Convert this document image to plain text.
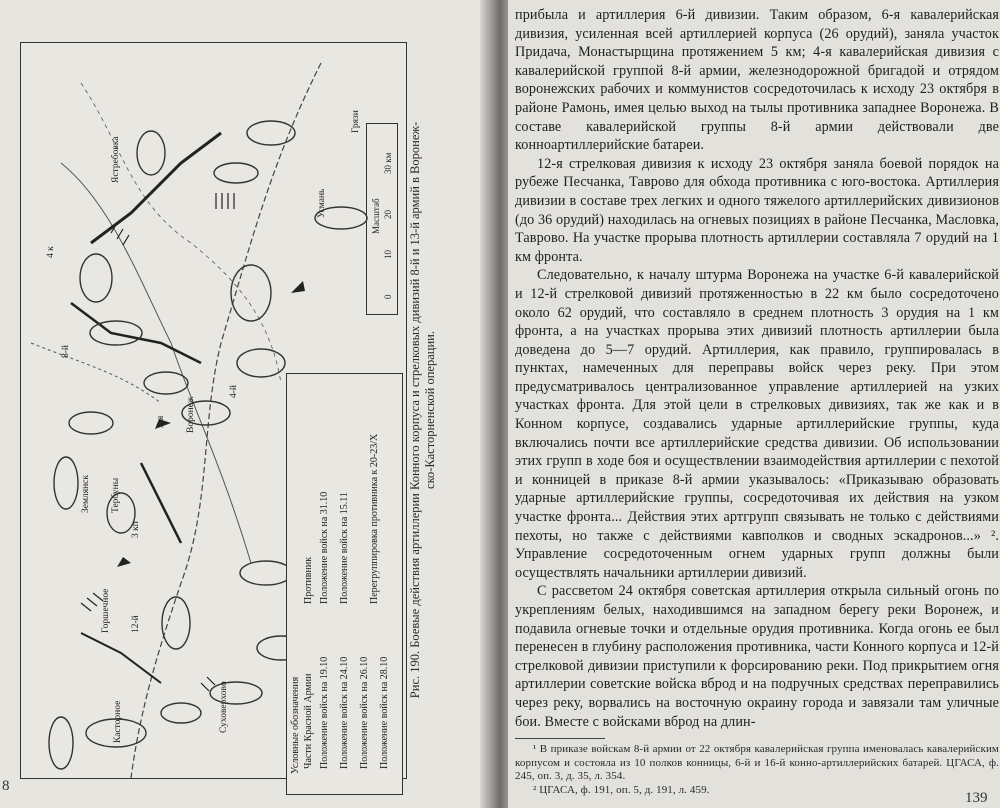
Касторное
Горшечное
Суховерхово
Тербуны
Землянск
Воронеж
Усмань
Грязи
8-й
4-й
3-я
12-й
4 к
3 кп
Ястребовка
Масштаб
0
10
20
30 км
Условные обозначения Части Красной Армии
Противник
Положение войск на 19.10 Положение войск на 24.10 Положение войск на 26.10 Положение войск на 28.10
Положение войск на 31.10 Положение войск на 15.11 Перегруппировка противника к 20-23/X Рис. 190. Боевые действия артиллерии Конного корпуса и стрелковых дивизий 8-й и 13-й армий в Воронеж- ско-Касторненской операции.
8

прибыла и артиллерия 6-й дивизии. Таким образом, 6-я кавалерийская дивизия, усиленная всей артиллерией корпуса (26 орудий), заняла участок Придача, Монастырщина протяжением 5 км; 4-я кавалерийская дивизия с кавалерийской группой 8-й армии, железнодорожной бригадой и отрядом воронежских рабочих и коммунистов сосредоточилась к исходу 23 октября в районе Рамонь, имея целью выход на тылы противника западнее Воронежа. В составе кавалерийской группы 8-й армии действовали две конноартиллерийские батареи.

12-я стрелковая дивизия к исходу 23 октября заняла боевой порядок на рубеже Песчанка, Таврово для обхода противника с юго-востока. Артиллерия дивизии в составе трех легких и одного тяжелого артиллерийских дивизионов (до 36 орудий) находилась на огневых позициях в районе Песчанка, Масловка, Таврово. На участке прорыва плотность артиллерии составляла 7 орудий на 1 км фронта.

Следовательно, к началу штурма Воронежа на участке 6-й кавалерийской и 12-й стрелковой дивизий протяженностью в 22 км было сосредоточено около 62 орудий, что составляло в среднем плотность 3 орудия на 1 км фронта, а на участках прорыва этих дивизий плотность артиллерии была доведена до 5—7 орудий. Артиллерия, как правило, группировалась в пунктах, намеченных для переправы войск через реку. При этом предусматривалось централизованное управление артиллерией на узких участках фронта. Для этой цели в стрелковых дивизиях, так же как и в Конном корпусе, создавались ударные артиллерийские группы, куда включались почти все артиллерийские средства дивизии. Об использовании этих групп в ходе боя и осуществлении взаимодействия артиллерии с пехотой и конницей в приказе 8-й армии указывалось: «Приказываю образовать ударные артиллерийские группы, сосредоточивая их действия на узком участке фронта... Действия этих артгрупп связывать не только с действиями пехоты, но также с действиями кавполков и сводных эскадронов...» ². Управление сосредоточенным огнем ударных групп должны были осуществлять начальники артиллерии дивизий.

С рассветом 24 октября советская артиллерия открыла сильный огонь по укреплениям белых, находившимся на западном берегу реки Воронеж, и подавила огневые точки и отдельные орудия противника. Когда огонь ее был перенесен в глубину расположения противника, части Конного корпуса и 12-й стрелковой дивизии приступили к форсированию реки. Под прикрытием огня артиллерии советские войска вброд и на подручных средствах переправились через реку, ворвались на восточную окраину города и завязали там уличные бои. Вместе с войсками вброд на длин-

¹ В приказе войскам 8-й армии от 22 октября кавалерийская группа именовалась кавалерийским корпусом и состояла из 10 полков конницы, 6-й и 16-й конно-артиллерийских батарей. ЦГАСА, ф. 245, оп. 3, д. 35, л. 354.

² ЦГАСА, ф. 191, оп. 5, д. 191, л. 459.

139
